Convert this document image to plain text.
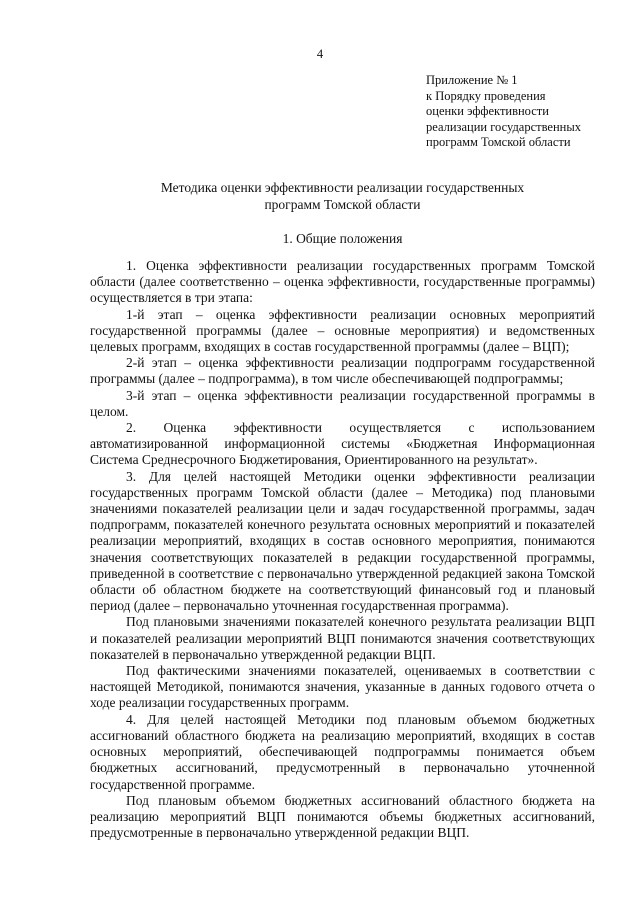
4
Приложение № 1
к Порядку проведения
оценки эффективности
реализации государственных
программ Томской области
Методика оценки эффективности реализации государственных
программ Томской области
1. Общие положения

1. Оценка эффективности реализации государственных программ Томской области (далее соответственно – оценка эффективности, государственные программы) осуществляется в три этапа:

1-й этап – оценка эффективности реализации основных мероприятий государственной программы (далее – основные мероприятия) и ведомственных целевых программ, входящих в состав государственной программы (далее – ВЦП);

2-й этап – оценка эффективности реализации подпрограмм государственной программы (далее – подпрограмма), в том числе обеспечивающей подпрограммы;

3-й этап – оценка эффективности реализации государственной программы в целом.

2. Оценка эффективности осуществляется с использованием автоматизированной информационной системы «Бюджетная Информационная Система Среднесрочного Бюджетирования, Ориентированного на результат».

3. Для целей настоящей Методики оценки эффективности реализации государственных программ Томской области (далее – Методика) под плановыми значениями показателей реализации цели и задач государственной программы, задач подпрограмм, показателей конечного результата основных мероприятий и показателей реализации мероприятий, входящих в состав основного мероприятия, понимаются значения соответствующих показателей в редакции государственной программы, приведенной в соответствие с первоначально утвержденной редакцией закона Томской области об областном бюджете на соответствующий финансовый год и плановый период (далее – первоначально уточненная государственная программа).

Под плановыми значениями показателей конечного результата реализации ВЦП и показателей реализации мероприятий ВЦП понимаются значения соответствующих показателей в первоначально утвержденной редакции ВЦП.

Под фактическими значениями показателей, оцениваемых в соответствии с настоящей Методикой, понимаются значения, указанные в данных годового отчета о ходе реализации государственных программ.

4. Для целей настоящей Методики под плановым объемом бюджетных ассигнований областного бюджета на реализацию мероприятий, входящих в состав основных мероприятий, обеспечивающей подпрограммы понимается объем бюджетных ассигнований, предусмотренный в первоначально уточненной государственной программе.

Под плановым объемом бюджетных ассигнований областного бюджета на реализацию мероприятий ВЦП понимаются объемы бюджетных ассигнований, предусмотренные в первоначально утвержденной редакции ВЦП.
